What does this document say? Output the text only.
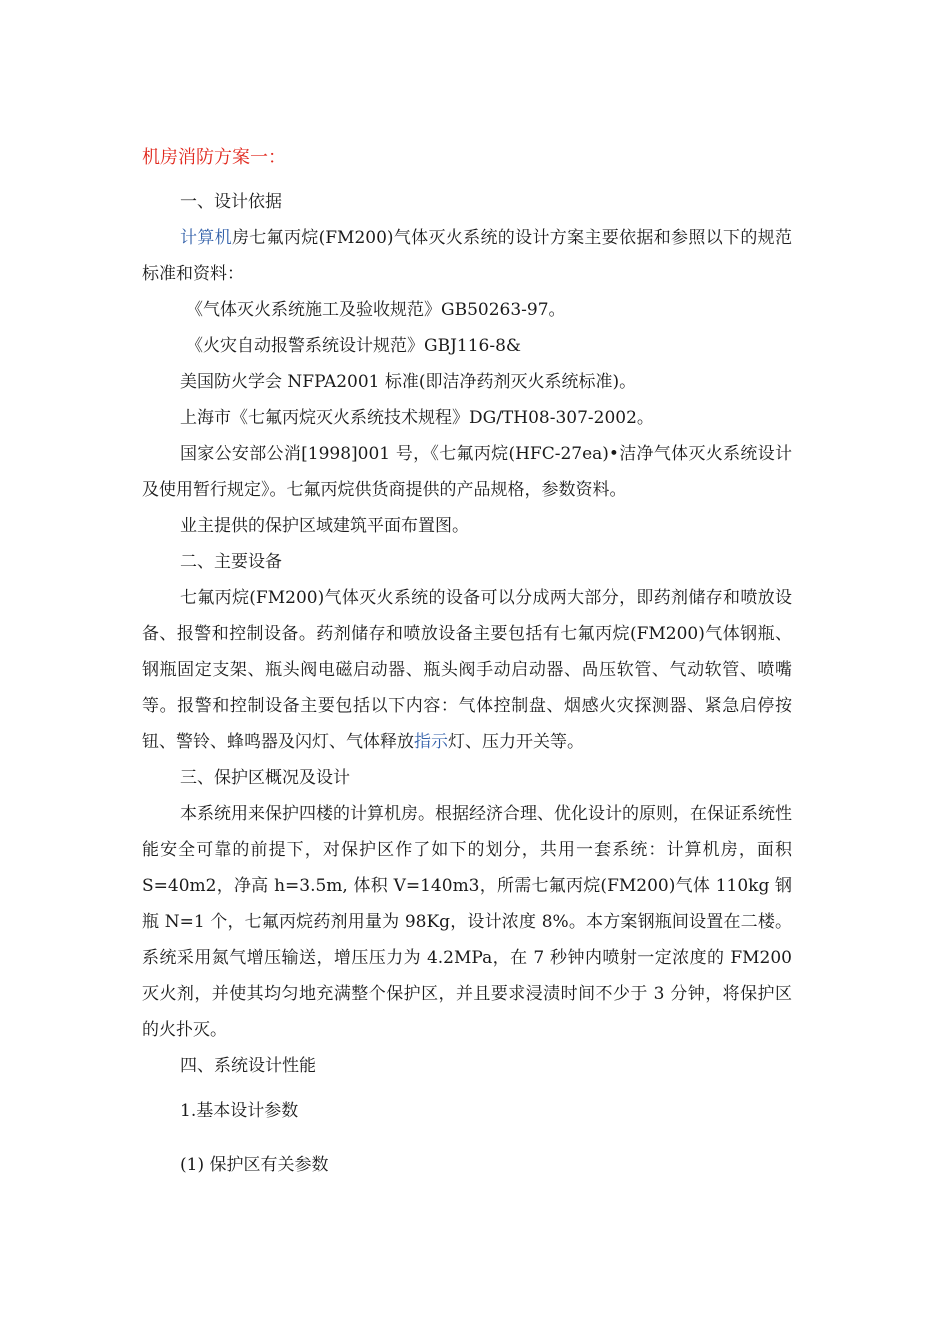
机房消防方案一：

一、设计依据

计算机房七氟丙烷(FM200)气体灭火系统的设计方案主要依据和参照以下的规范标准和资料：

《气体灭火系统施工及验收规范》GB50263-97。

《火灾自动报警系统设计规范》GBJ116-8&

美国防火学会 NFPA2001 标准(即洁净药剂灭火系统标准)。

上海市《七氟丙烷灭火系统技术规程》DG/TH08-307-2002。

国家公安部公消[1998]001 号，《七氟丙烷(HFC-27ea)•洁净气体灭火系统设计及使用暂行规定》。七氟丙烷供货商提供的产品规格，参数资料。

业主提供的保护区域建筑平面布置图。

二、主要设备

七氟丙烷(FM200)气体灭火系统的设备可以分成两大部分，即药剂储存和喷放设备、报警和控制设备。药剂储存和喷放设备主要包括有七氟丙烷(FM200)气体钢瓶、钢瓶固定支架、瓶头阀电磁启动器、瓶头阀手动启动器、咼压软管、气动软管、喷嘴等。报警和控制设备主要包括以下内容：气体控制盘、烟感火灾探测器、紧急启停按钮、警铃、蜂鸣器及闪灯、气体释放指示灯、压力开关等。

三、保护区概况及设计

本系统用来保护四楼的计算机房。根据经济合理、优化设计的原则，在保证系统性能安全可靠的前提下，对保护区作了如下的划分，共用一套系统：计算机房，面积 S=40m2，净高 h=3.5m, 体积 V=140m3，所需七氟丙烷(FM200)气体 110kg 钢瓶 N=1 个，七氟丙烷药剂用量为 98Kg，设计浓度 8%。本方案钢瓶间设置在二楼。系统采用氮气增压输送，增压压力为 4.2MPa，在 7 秒钟内喷射一定浓度的 FM200 灭火剂，并使其均匀地充满整个保护区，并且要求浸渍时间不少于 3 分钟，将保护区的火扑灭。

四、系统设计性能

1.基本设计参数

(1) 保护区有关参数
